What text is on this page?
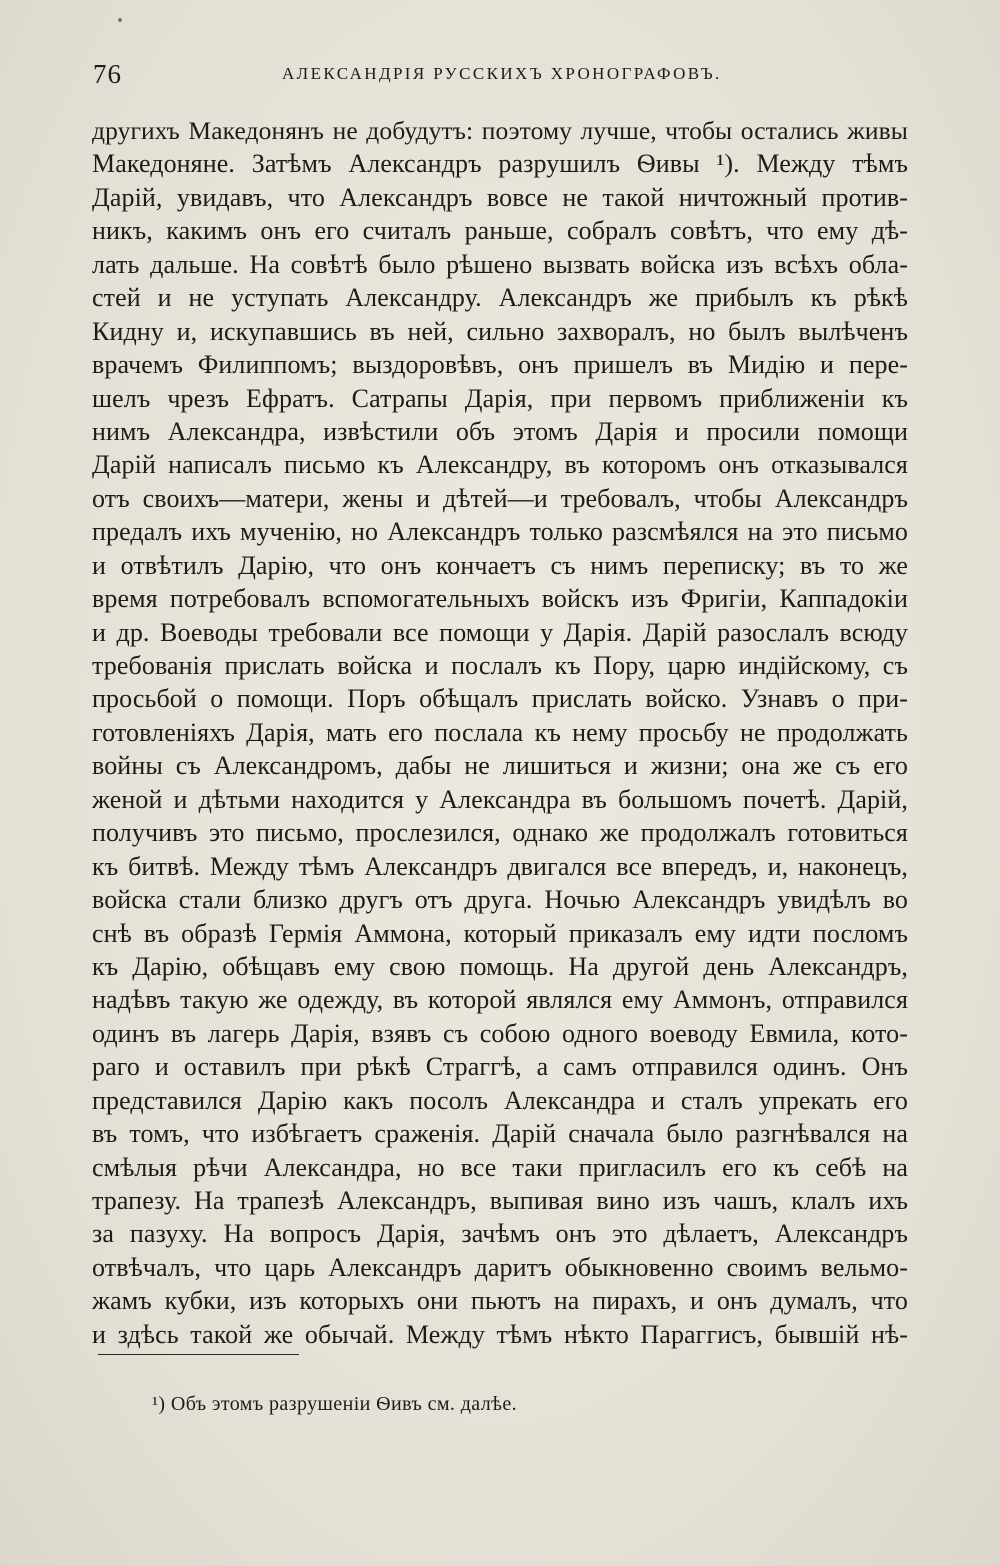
76	АЛЕКСАНДРІЯ РУССКИХЪ ХРОНОГРАФОВЪ.
другихъ Македонянъ не добудутъ: поэтому лучше, чтобы остались живы
Македоняне. Затѣмъ Александръ разрушилъ Ѳивы ¹). Между тѣмъ
Дарій, увидавъ, что Александръ вовсе не такой ничтожный против-
никъ, какимъ онъ его считалъ раньше, собралъ совѣтъ, что ему дѣ-
лать дальше. На совѣтѣ было рѣшено вызвать войска изъ всѣхъ обла-
стей и не уступать Александру. Александръ же прибылъ къ рѣкѣ
Кидну и, искупавшись въ ней, сильно захворалъ, но былъ вылѣченъ
врачемъ Филиппомъ; выздоровѣвъ, онъ пришелъ въ Мидію и пере-
шелъ чрезъ Ефратъ. Сатрапы Дарія, при первомъ приближеніи къ
нимъ Александра, извѣстили объ этомъ Дарія и просили помощи
Дарій написалъ письмо къ Александру, въ которомъ онъ отказывался
отъ своихъ—матери, жены и дѣтей—и требовалъ, чтобы Александръ
предалъ ихъ мученію, но Александръ только разсмѣялся на это письмо
и отвѣтилъ Дарію, что онъ кончаетъ съ нимъ переписку; въ то же
время потребовалъ вспомогательныхъ войскъ изъ Фригіи, Каппадокіи
и др. Воеводы требовали все помощи у Дарія. Дарій разослалъ всюду
требованія прислать войска и послалъ къ Пору, царю индійскому, съ
просьбой о помощи. Поръ обѣщалъ прислать войско. Узнавъ о при-
готовленіяхъ Дарія, мать его послала къ нему просьбу не продолжать
войны съ Александромъ, дабы не лишиться и жизни; она же съ его
женой и дѣтьми находится у Александра въ большомъ почетѣ. Дарій,
получивъ это письмо, прослезился, однако же продолжалъ готовиться
къ битвѣ. Между тѣмъ Александръ двигался все впередъ, и, наконецъ,
войска стали близко другъ отъ друга. Ночью Александръ увидѣлъ во
снѣ въ образѣ Гермія Аммона, который приказалъ ему идти посломъ
къ Дарію, обѣщавъ ему свою помощь. На другой день Александръ,
надѣвъ такую же одежду, въ которой являлся ему Аммонъ, отправился
одинъ въ лагерь Дарія, взявъ съ собою одного воеводу Евмила, кото-
раго и оставилъ при рѣкѣ Страггѣ, а самъ отправился одинъ. Онъ
представился Дарію какъ посолъ Александра и сталъ упрекать его
въ томъ, что избѣгаетъ сраженія. Дарій сначала было разгнѣвался на
смѣлыя рѣчи Александра, но все таки пригласилъ его къ себѣ на
трапезу. На трапезѣ Александръ, выпивая вино изъ чашъ, клалъ ихъ
за пазуху. На вопросъ Дарія, зачѣмъ онъ это дѣлаетъ, Александръ
отвѣчалъ, что царь Александръ даритъ обыкновенно своимъ вельмо-
жамъ кубки, изъ которыхъ они пьютъ на пирахъ, и онъ думалъ, что
и здѣсь такой же обычай. Между тѣмъ нѣкто Параггисъ, бывшій нѣ-
¹) Объ этомъ разрушеніи Ѳивъ см. далѣе.
